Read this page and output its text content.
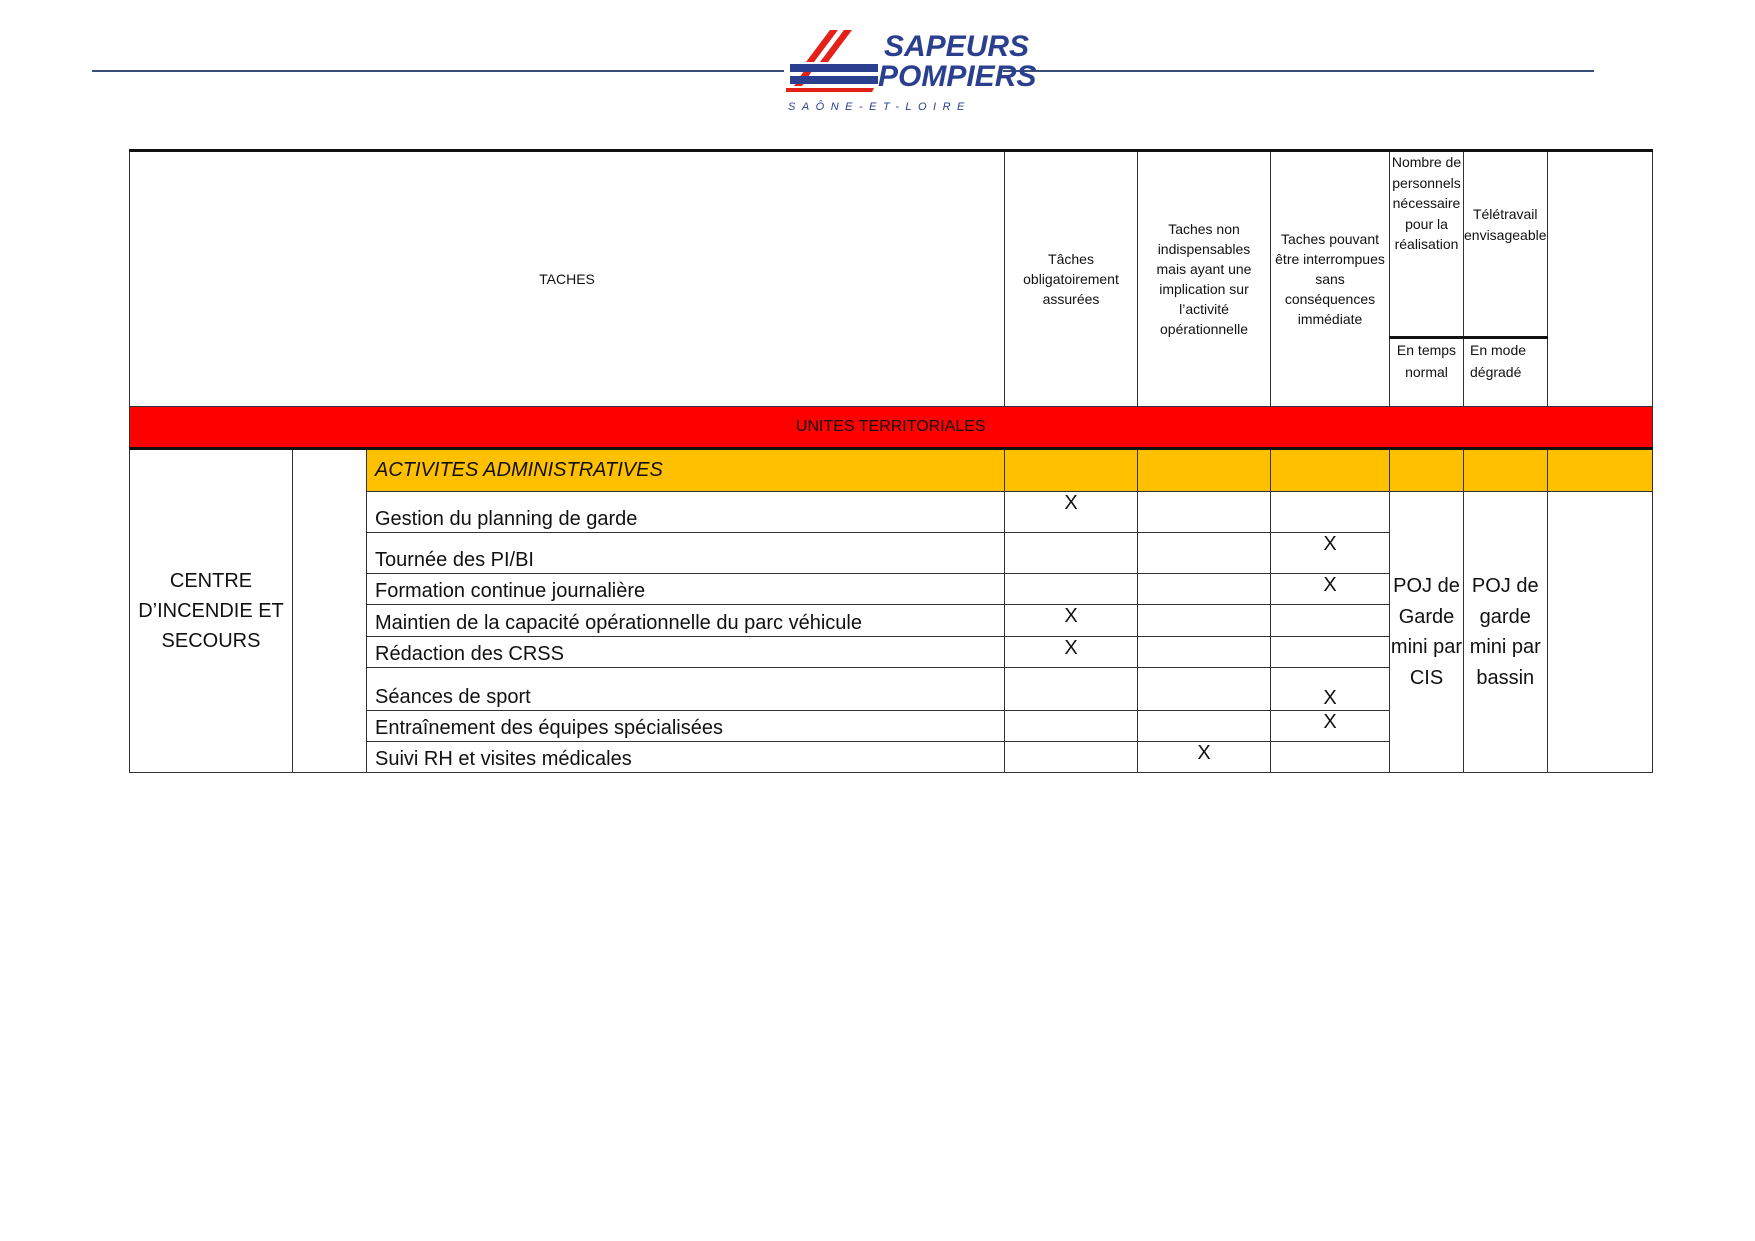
SAPEURS
POMPIERS
SAÔNE-ET-LOIRE
TACHES			Tâches obligatoirement assurées	Taches non indispensables mais ayant une implication sur l’activité opérationnelle	Taches pouvant être interrompues sans conséquences immédiate	Nombre de personnels nécessaire pour la réalisation	Télétravail envisageable	
						En temps normal	En mode dégradé	
UNITES TERRITORIALES								
CENTRE D’INCENDIE ET SECOURS		ACTIVITES ADMINISTRATIVES						
		Gestion du planning de garde	X			POJ de Garde mini par CIS	POJ de garde mini par bassin	
		Tournée des PI/BI			X			
		Formation continue journalière			X			
		Maintien de la capacité opérationnelle du parc véhicule	X					
		Rédaction des CRSS	X					
		Séances de sport			X			
		Entraînement des équipes spécialisées			X			
		Suivi RH et visites médicales		X				
